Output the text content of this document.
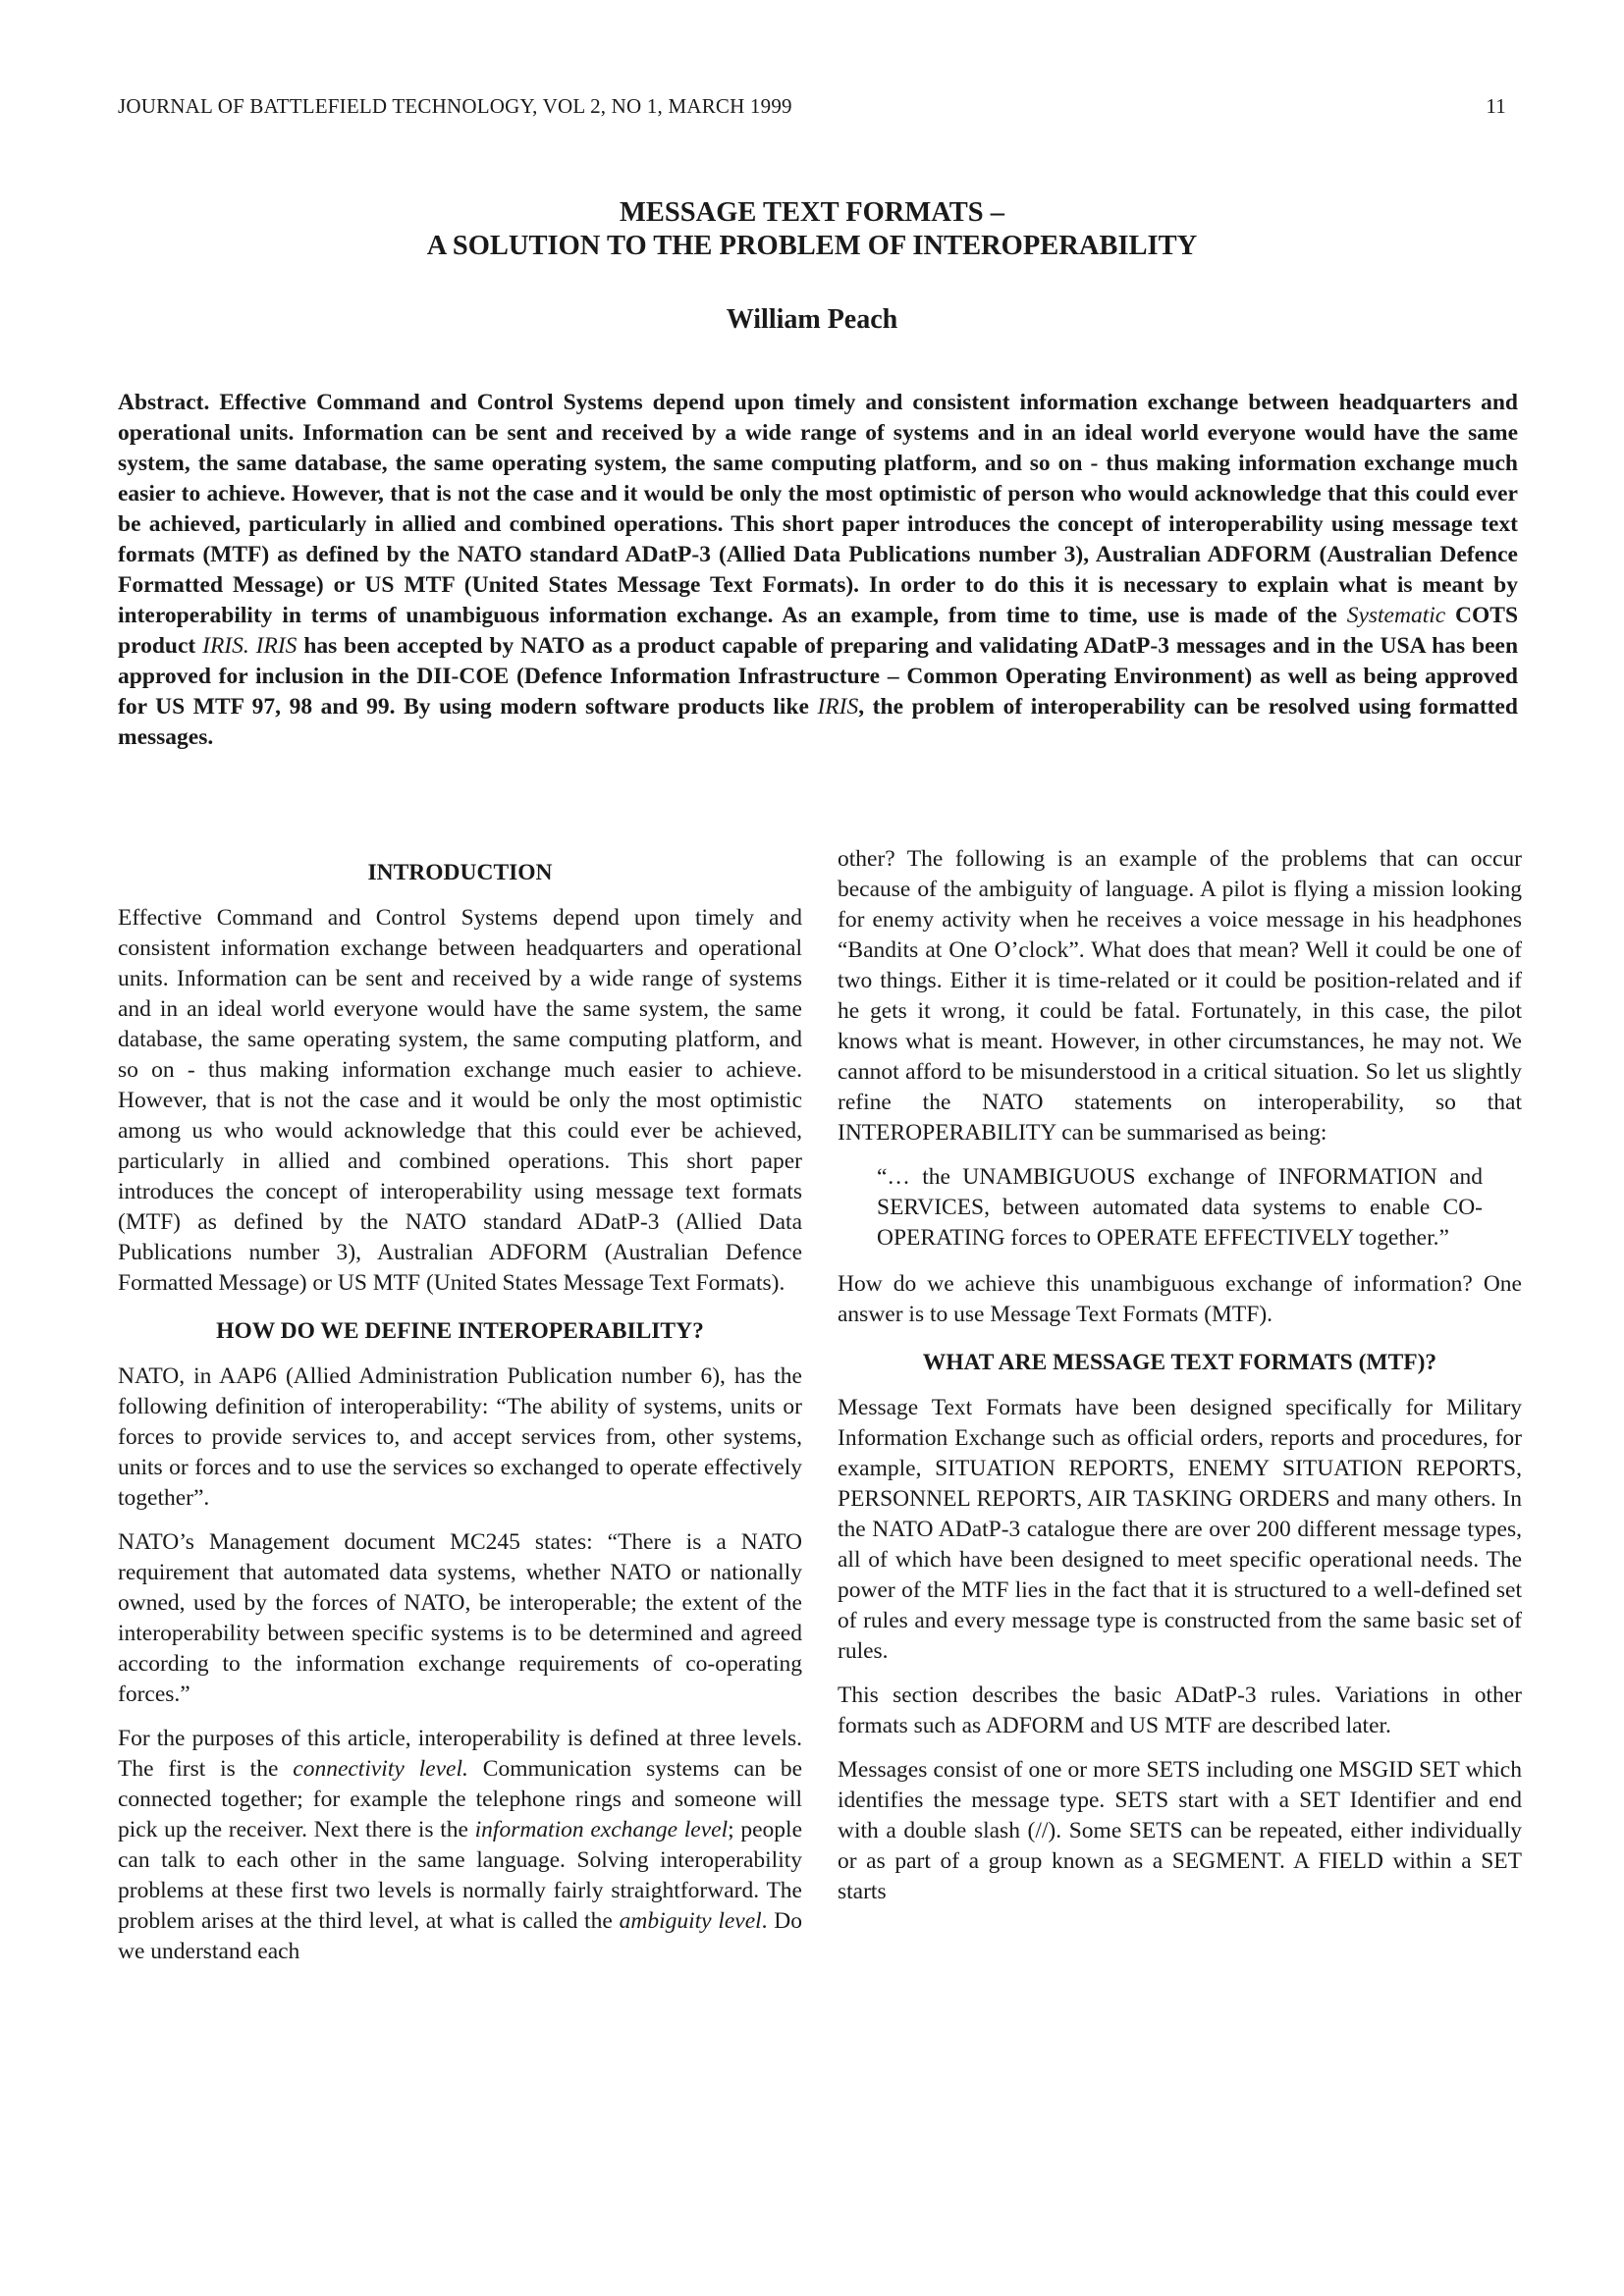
JOURNAL OF BATTLEFIELD TECHNOLOGY, VOL 2, NO 1, MARCH 1999	11

MESSAGE TEXT FORMATS –

A SOLUTION TO THE PROBLEM OF INTEROPERABILITY

William Peach

Abstract. Effective Command and Control Systems depend upon timely and consistent information exchange between headquarters and operational units. Information can be sent and received by a wide range of systems and in an ideal world everyone would have the same system, the same database, the same operating system, the same computing platform, and so on - thus making information exchange much easier to achieve. However, that is not the case and it would be only the most optimistic of person who would acknowledge that this could ever be achieved, particularly in allied and combined operations. This short paper introduces the concept of interoperability using message text formats (MTF) as defined by the NATO standard ADatP-3 (Allied Data Publications number 3), Australian ADFORM (Australian Defence Formatted Message) or US MTF (United States Message Text Formats). In order to do this it is necessary to explain what is meant by interoperability in terms of unambiguous information exchange. As an example, from time to time, use is made of the Systematic COTS product IRIS. IRIS has been accepted by NATO as a product capable of preparing and validating ADatP-3 messages and in the USA has been approved for inclusion in the DII-COE (Defence Information Infrastructure – Common Operating Environment) as well as being approved for US MTF 97, 98 and 99. By using modern software products like IRIS, the problem of interoperability can be resolved using formatted messages.

INTRODUCTION

Effective Command and Control Systems depend upon timely and consistent information exchange between headquarters and operational units. Information can be sent and received by a wide range of systems and in an ideal world everyone would have the same system, the same database, the same operating system, the same computing platform, and so on - thus making information exchange much easier to achieve. However, that is not the case and it would be only the most optimistic among us who would acknowledge that this could ever be achieved, particularly in allied and combined operations. This short paper introduces the concept of interoperability using message text formats (MTF) as defined by the NATO standard ADatP-3 (Allied Data Publications number 3), Australian ADFORM (Australian Defence Formatted Message) or US MTF (United States Message Text Formats).

HOW DO WE DEFINE INTEROPERABILITY?

NATO, in AAP6 (Allied Administration Publication number 6), has the following definition of interoperability: “The ability of systems, units or forces to provide services to, and accept services from, other systems, units or forces and to use the services so exchanged to operate effectively together”.

NATO’s Management document MC245 states: “There is a NATO requirement that automated data systems, whether NATO or nationally owned, used by the forces of NATO, be interoperable; the extent of the interoperability between specific systems is to be determined and agreed according to the information exchange requirements of co-operating forces.”

For the purposes of this article, interoperability is defined at three levels. The first is the connectivity level. Communication systems can be connected together; for example the telephone rings and someone will pick up the receiver. Next there is the information exchange level; people can talk to each other in the same language. Solving interoperability problems at these first two levels is normally fairly straightforward. The problem arises at the third level, at what is called the ambiguity level. Do we understand each

other? The following is an example of the problems that can occur because of the ambiguity of language. A pilot is flying a mission looking for enemy activity when he receives a voice message in his headphones “Bandits at One O’clock”. What does that mean? Well it could be one of two things. Either it is time-related or it could be position-related and if he gets it wrong, it could be fatal. Fortunately, in this case, the pilot knows what is meant. However, in other circumstances, he may not. We cannot afford to be misunderstood in a critical situation. So let us slightly refine the NATO statements on interoperability, so that INTEROPERABILITY can be summarised as being:

“… the UNAMBIGUOUS exchange of INFORMATION and SERVICES, between automated data systems to enable CO-OPERATING forces to OPERATE EFFECTIVELY together.”

How do we achieve this unambiguous exchange of information? One answer is to use Message Text Formats (MTF).

WHAT ARE MESSAGE TEXT FORMATS (MTF)?

Message Text Formats have been designed specifically for Military Information Exchange such as official orders, reports and procedures, for example, SITUATION REPORTS, ENEMY SITUATION REPORTS, PERSONNEL REPORTS, AIR TASKING ORDERS and many others. In the NATO ADatP-3 catalogue there are over 200 different message types, all of which have been designed to meet specific operational needs. The power of the MTF lies in the fact that it is structured to a well-defined set of rules and every message type is constructed from the same basic set of rules.

This section describes the basic ADatP-3 rules. Variations in other formats such as ADFORM and US MTF are described later.

Messages consist of one or more SETS including one MSGID SET which identifies the message type. SETS start with a SET Identifier and end with a double slash (//). Some SETS can be repeated, either individually or as part of a group known as a SEGMENT. A FIELD within a SET starts
